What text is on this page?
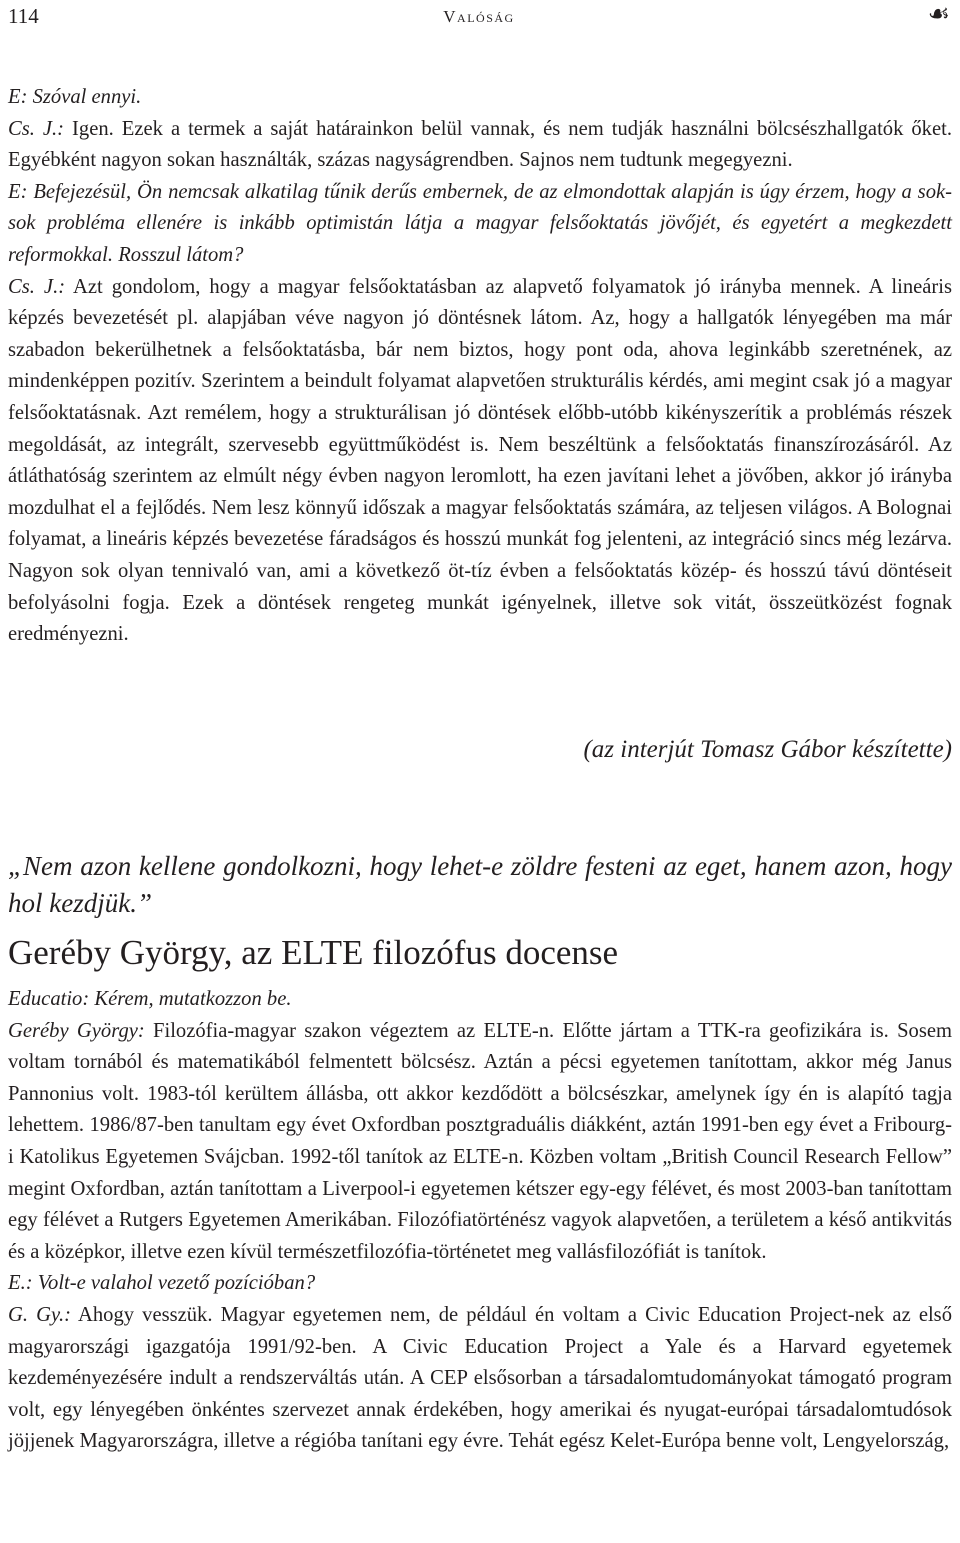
114	Valóság	☙

E: Szóval ennyi.

Cs. J.: Igen. Ezek a termek a saját határainkon belül vannak, és nem tudják használni bölcsészhallgatók őket. Egyébként nagyon sokan használták, százas nagyságrendben. Sajnos nem tudtunk megegyezni.

E: Befejezésül, Ön nemcsak alkatilag tűnik derűs embernek, de az elmondottak alapján is úgy érzem, hogy a sok-sok probléma ellenére is inkább optimistán látja a magyar felsőoktatás jövőjét, és egyetért a megkezdett reformokkal. Rosszul látom?

Cs. J.: Azt gondolom, hogy a magyar felsőoktatásban az alapvető folyamatok jó irányba mennek. A lineáris képzés bevezetését pl. alapjában véve nagyon jó döntésnek látom. Az, hogy a hallgatók lényegében ma már szabadon bekerülhetnek a felsőoktatásba, bár nem biztos, hogy pont oda, ahova leginkább szeretnének, az mindenképpen pozitív. Szerintem a beindult folyamat alapvetően strukturális kérdés, ami megint csak jó a magyar felsőoktatásnak. Azt remélem, hogy a strukturálisan jó döntések előbb-utóbb kikényszerítik a problémás részek megoldását, az integrált, szervesebb együttműködést is. Nem beszéltünk a felsőoktatás finanszírozásáról. Az átláthatóság szerintem az elmúlt négy évben nagyon leromlott, ha ezen javítani lehet a jövőben, akkor jó irányba mozdulhat el a fejlődés. Nem lesz könnyű időszak a magyar felsőoktatás számára, az teljesen világos. A Bolognai folyamat, a lineáris képzés bevezetése fáradságos és hosszú munkát fog jelenteni, az integráció sincs még lezárva. Nagyon sok olyan tennivaló van, ami a következő öt-tíz évben a felsőoktatás közép- és hosszú távú döntéseit befolyásolni fogja. Ezek a döntések rengeteg munkát igényelnek, illetve sok vitát, összeütközést fognak eredményezni.

(az interjút Tomasz Gábor készítette)
„Nem azon kellene gondolkozni, hogy lehet-e zöldre festeni az eget, hanem azon, hogy hol kezdjük.”
Geréby György, az ELTE filozófus docense

Educatio: Kérem, mutatkozzon be.

Geréby György: Filozófia-magyar szakon végeztem az ELTE-n. Előtte jártam a TTK-ra geofizikára is. Sosem voltam tornából és matematikából felmentett bölcsész. Aztán a pécsi egyetemen tanítottam, akkor még Janus Pannonius volt. 1983-tól kerültem állásba, ott akkor kezdődött a bölcsészkar, amelynek így én is alapító tagja lehettem. 1986/87-ben tanultam egy évet Oxfordban posztgraduális diákként, aztán 1991-ben egy évet a Fribourg-i Katolikus Egyetemen Svájcban. 1992-től tanítok az ELTE-n. Közben voltam „British Council Research Fellow” megint Oxfordban, aztán tanítottam a Liverpool-i egyetemen kétszer egy-egy félévet, és most 2003-ban tanítottam egy félévet a Rutgers Egyetemen Amerikában. Filozófiatörténész vagyok alapvetően, a területem a késő antikvitás és a középkor, illetve ezen kívül természetfilozófia-történetet meg vallásfilozófiát is tanítok.

E.: Volt-e valahol vezető pozícióban?

G. Gy.: Ahogy vesszük. Magyar egyetemen nem, de például én voltam a Civic Education Project-nek az első magyarországi igazgatója 1991/92-ben. A Civic Education Project a Yale és a Harvard egyetemek kezdeményezésére indult a rendszerváltás után. A CEP elsősorban a társadalomtudományokat támogató program volt, egy lényegében önkéntes szervezet annak érdekében, hogy amerikai és nyugat-európai társadalomtudósok jöjjenek Magyarországra, illetve a régióba tanítani egy évre. Tehát egész Kelet-Európa benne volt, Lengyelország,
